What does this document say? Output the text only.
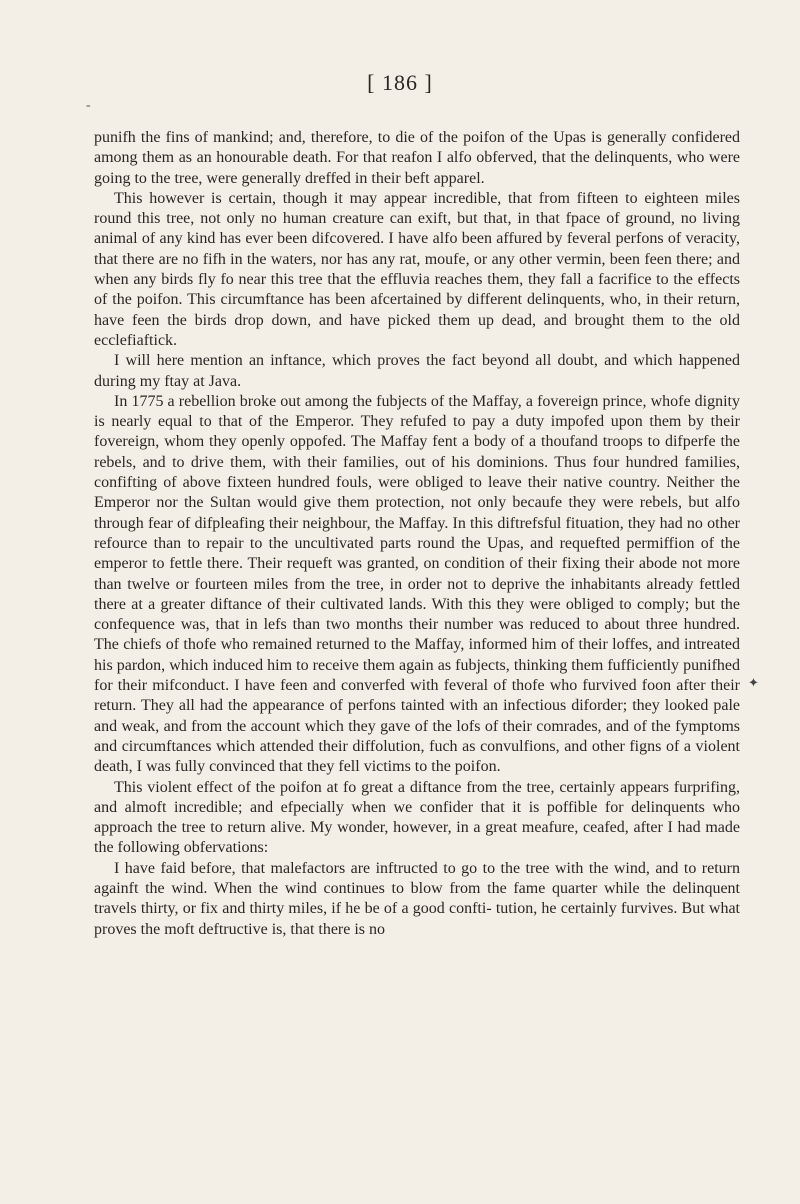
[ 186 ]
-

punifh the fins of mankind; and, therefore, to die of the poifon of the Upas is generally confidered among them as an honourable death. For that reafon I alfo obferved, that the delinquents, who were going to the tree, were generally dreffed in their beft apparel.

This however is certain, though it may appear incredible, that from fifteen to eighteen miles round this tree, not only no human creature can exift, but that, in that fpace of ground, no living animal of any kind has ever been difcovered. I have alfo been affured by feveral perfons of veracity, that there are no fifh in the waters, nor has any rat, moufe, or any other vermin, been feen there; and when any birds fly fo near this tree that the effluvia reaches them, they fall a facrifice to the effects of the poifon. This circumftance has been afcertained by different delinquents, who, in their return, have feen the birds drop down, and have picked them up dead, and brought them to the old ecclefiaftick.

I will here mention an inftance, which proves the fact beyond all doubt, and which happened during my ftay at Java.

In 1775 a rebellion broke out among the fubjects of the Maffay, a fovereign prince, whofe dignity is nearly equal to that of the Emperor. They refufed to pay a duty impofed upon them by their fovereign, whom they openly oppofed. The Maffay fent a body of a thoufand troops to difperfe the rebels, and to drive them, with their families, out of his dominions. Thus four hundred families, confifting of above fixteen hundred fouls, were obliged to leave their native country. Neither the Emperor nor the Sultan would give them protection, not only becaufe they were rebels, but alfo through fear of difpleafing their neighbour, the Maffay. In this diftrefsful fituation, they had no other refource than to repair to the uncultivated parts round the Upas, and requefted permiffion of the emperor to fettle there. Their requeft was granted, on condition of their fixing their abode not more than twelve or fourteen miles from the tree, in order not to deprive the inhabitants already fettled there at a greater diftance of their cultivated lands. With this they were obliged to comply; but the confequence was, that in lefs than two months their number was reduced to about three hundred. The chiefs of thofe who remained returned to the Maffay, informed him of their loffes, and intreated his pardon, which induced him to receive them again as fubjects, thinking them fufficiently punifhed for their mifconduct. I have feen and converfed with feveral of thofe who furvived foon after their return. They all had the appearance of perfons tainted with an infectious diforder; they looked pale and weak, and from the account which they gave of the lofs of their comrades, and of the fymptoms and circumftances which attended their diffolution, fuch as convulfions, and other figns of a violent death, I was fully convinced that they fell victims to the poifon.

This violent effect of the poifon at fo great a diftance from the tree, certainly appears furprifing, and almoft incredible; and efpecially when we confider that it is poffible for delinquents who approach the tree to return alive. My wonder, however, in a great meafure, ceafed, after I had made the following obfervations:

I have faid before, that malefactors are inftructed to go to the tree with the wind, and to return againft the wind. When the wind continues to blow from the fame quarter while the delinquent travels thirty, or fix and thirty miles, if he be of a good confti- tution, he certainly furvives. But what proves the moft deftructive is, that there is no

✦
